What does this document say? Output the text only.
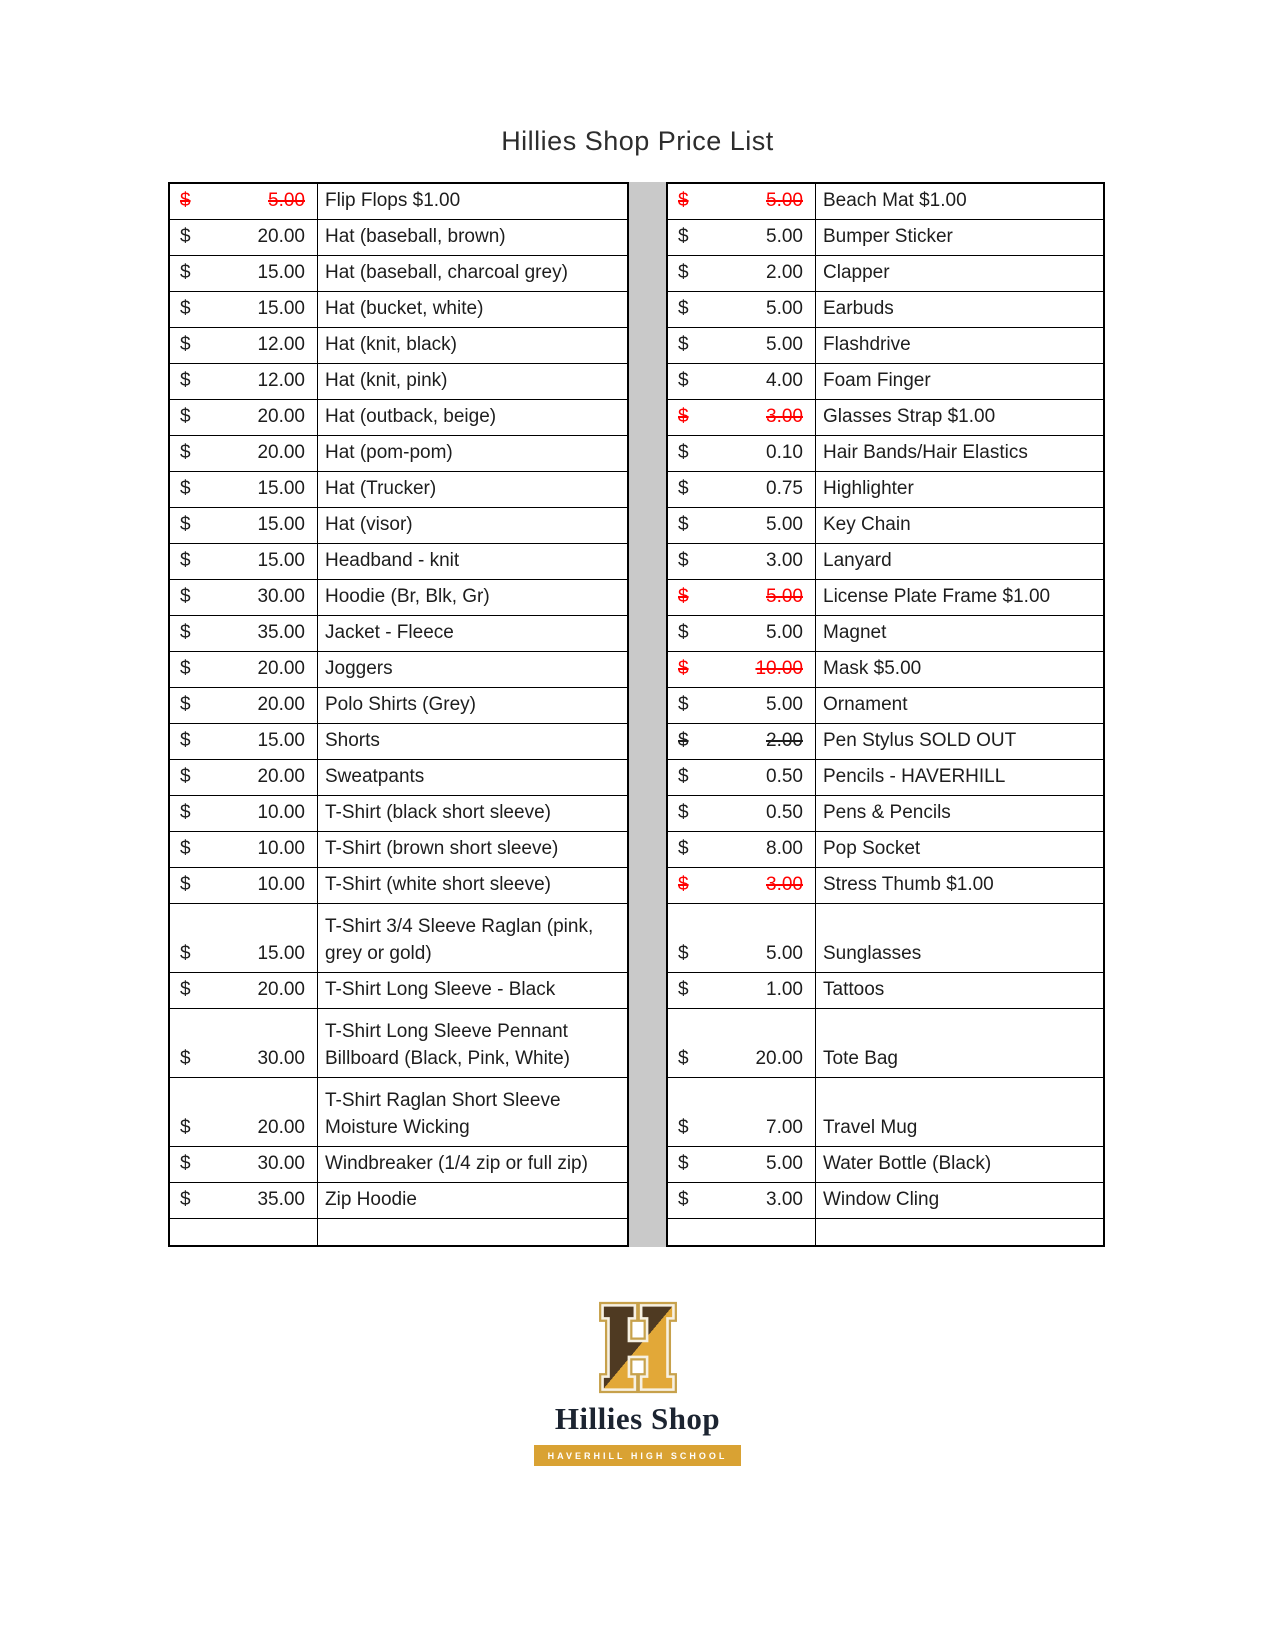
Hillies Shop Price List
$ 5.00	Flip Flops $1.00

$ 20.00	Hat (baseball, brown)

$ 15.00	Hat (baseball, charcoal grey)

$ 15.00	Hat (bucket, white)

$ 12.00	Hat (knit, black)

$ 12.00	Hat (knit, pink)

$ 20.00	Hat (outback, beige)

$ 20.00	Hat (pom-pom)

$ 15.00	Hat (Trucker)

$ 15.00	Hat (visor)

$ 15.00	Headband - knit

$ 30.00	Hoodie (Br, Blk, Gr)

$ 35.00	Jacket - Fleece

$ 20.00	Joggers

$ 20.00	Polo Shirts (Grey)

$ 15.00	Shorts

$ 20.00	Sweatpants

$ 10.00	T-Shirt (black short sleeve)

$ 10.00	T-Shirt (brown short sleeve)

$ 10.00	T-Shirt (white short sleeve)

$ 15.00	T-Shirt 3/4 Sleeve Raglan (pink, grey or gold)

$ 20.00	T-Shirt Long Sleeve - Black

$ 30.00	T-Shirt Long Sleeve Pennant Billboard (Black, Pink, White)

$ 20.00	T-Shirt Raglan Short Sleeve Moisture Wicking

$ 30.00	Windbreaker (1/4 zip or full zip)

$ 35.00	Zip Hoodie

$ 5.00	Beach Mat $1.00

$ 5.00	Bumper Sticker

$ 2.00	Clapper

$ 5.00	Earbuds

$ 5.00	Flashdrive

$ 4.00	Foam Finger

$ 3.00	Glasses Strap $1.00

$ 0.10	Hair Bands/Hair Elastics

$ 0.75	Highlighter

$ 5.00	Key Chain

$ 3.00	Lanyard

$ 5.00	License Plate Frame $1.00

$ 5.00	Magnet

$ 10.00	Mask $5.00

$ 5.00	Ornament

$ 2.00	Pen Stylus SOLD OUT

$ 0.50	Pencils - HAVERHILL

$ 0.50	Pens & Pencils

$ 8.00	Pop Socket

$ 3.00	Stress Thumb $1.00

$ 5.00	Sunglasses

$ 1.00	Tattoos

$ 20.00	Tote Bag

$ 7.00	Travel Mug

$ 5.00	Water Bottle (Black)

$ 3.00	Window Cling

Hillies Shop
HAVERHILL HIGH SCHOOL
